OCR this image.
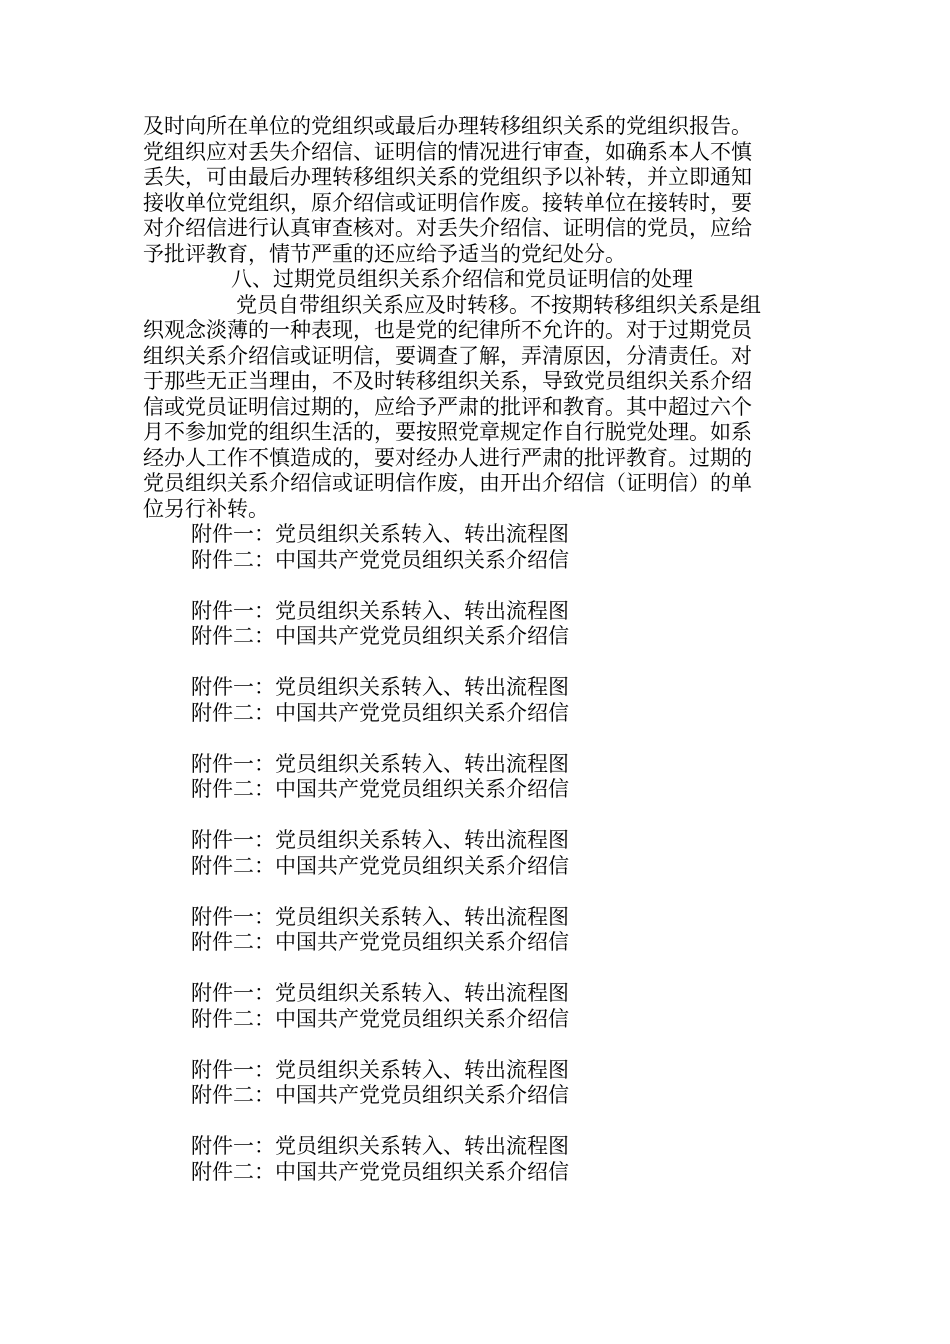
及时向所在单位的党组织或最后办理转移组织关系的党组织报告。
党组织应对丢失介绍信、证明信的情况进行审查，如确系本人不慎
丢失，可由最后办理转移组织关系的党组织予以补转，并立即通知
接收单位党组织，原介绍信或证明信作废。接转单位在接转时，要
对介绍信进行认真审查核对。对丢失介绍信、证明信的党员，应给
予批评教育，情节严重的还应给予适当的党纪处分。
八、过期党员组织关系介绍信和党员证明信的处理
党员自带组织关系应及时转移。不按期转移组织关系是组
织观念淡薄的一种表现，也是党的纪律所不允许的。对于过期党员
组织关系介绍信或证明信，要调查了解，弄清原因，分清责任。对
于那些无正当理由，不及时转移组织关系，导致党员组织关系介绍
信或党员证明信过期的，应给予严肃的批评和教育。其中超过六个
月不参加党的组织生活的，要按照党章规定作自行脱党处理。如系
经办人工作不慎造成的，要对经办人进行严肃的批评教育。过期的
党员组织关系介绍信或证明信作废，由开出介绍信（证明信）的单
位另行补转。
附件一：党员组织关系转入、转出流程图
附件二：中国共产党党员组织关系介绍信
附件一：党员组织关系转入、转出流程图
附件二：中国共产党党员组织关系介绍信
附件一：党员组织关系转入、转出流程图
附件二：中国共产党党员组织关系介绍信
附件一：党员组织关系转入、转出流程图
附件二：中国共产党党员组织关系介绍信
附件一：党员组织关系转入、转出流程图
附件二：中国共产党党员组织关系介绍信
附件一：党员组织关系转入、转出流程图
附件二：中国共产党党员组织关系介绍信
附件一：党员组织关系转入、转出流程图
附件二：中国共产党党员组织关系介绍信
附件一：党员组织关系转入、转出流程图
附件二：中国共产党党员组织关系介绍信
附件一：党员组织关系转入、转出流程图
附件二：中国共产党党员组织关系介绍信
